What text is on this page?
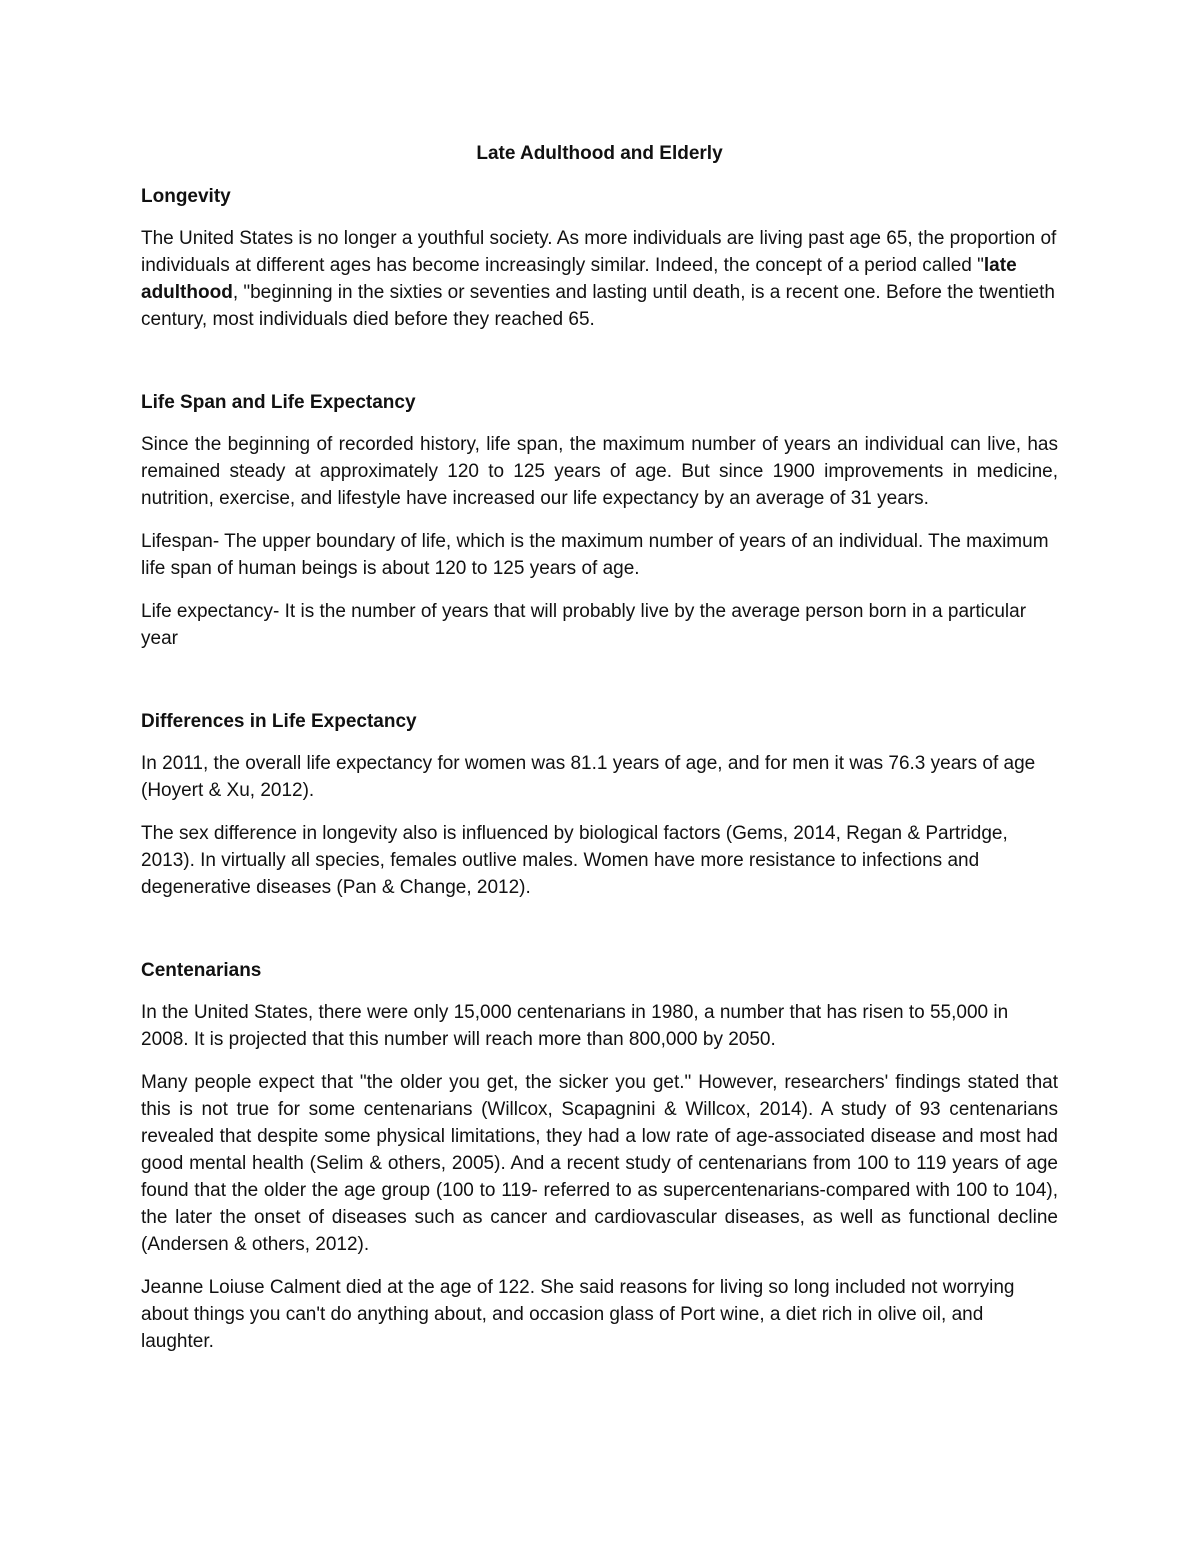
Late Adulthood and Elderly
Longevity

The United States is no longer a youthful society. As more individuals are living past age 65, the proportion of individuals at different ages has become increasingly similar. Indeed, the concept of a period called "late adulthood, "beginning in the sixties or seventies and lasting until death, is a recent one. Before the twentieth century, most individuals died before they reached 65.

Life Span and Life Expectancy

Since the beginning of recorded history, life span, the maximum number of years an individual can live, has remained steady at approximately 120 to 125 years of age. But since 1900 improvements in medicine, nutrition, exercise, and lifestyle have increased our life expectancy by an average of 31 years.

Lifespan- The upper boundary of life, which is the maximum number of years of an individual. The maximum life span of human beings is about 120 to 125 years of age.

Life expectancy- It is the number of years that will probably live by the average person born in a particular year

Differences in Life Expectancy

In 2011, the overall life expectancy for women was 81.1 years of age, and for men it was 76.3 years of age (Hoyert & Xu, 2012).

The sex difference in longevity also is influenced by biological factors (Gems, 2014, Regan & Partridge, 2013). In virtually all species, females outlive males. Women have more resistance to infections and degenerative diseases (Pan & Change, 2012).

Centenarians

In the United States, there were only 15,000 centenarians in 1980, a number that has risen to 55,000 in 2008. It is projected that this number will reach more than 800,000 by 2050.

Many people expect that "the older you get, the sicker you get." However, researchers' findings stated that this is not true for some centenarians (Willcox, Scapagnini & Willcox, 2014). A study of 93 centenarians revealed that despite some physical limitations, they had a low rate of age-associated disease and most had good mental health (Selim & others, 2005). And a recent study of centenarians from 100 to 119 years of age found that the older the age group (100 to 119- referred to as supercentenarians-compared with 100 to 104), the later the onset of diseases such as cancer and cardiovascular diseases, as well as functional decline (Andersen & others, 2012).

Jeanne Loiuse Calment died at the age of 122. She said reasons for living so long included not worrying about things you can't do anything about, and occasion glass of Port wine, a diet rich in olive oil, and laughter.
